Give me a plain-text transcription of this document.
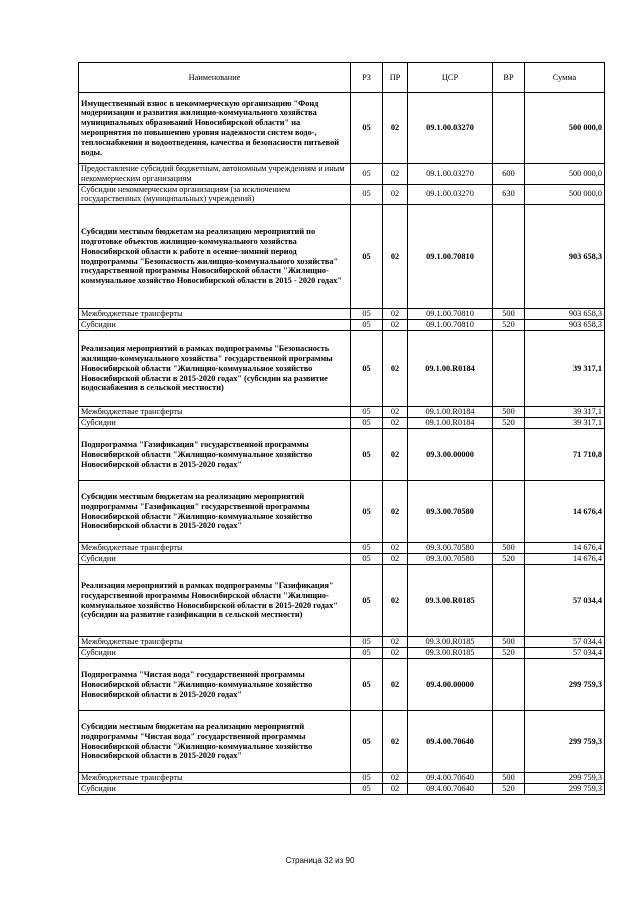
Наименование	РЗ	ПР	ЦСР	ВР	Сумма
Имущественный взнос в некоммерческую организацию "Фонд модернизации и развития жилищно-коммунального хозяйства муниципальных образований Новосибирской области" на мероприятия по повышению уровня надежности систем водо-, теплоснабжения и водоотведения, качества и безопасности питьевой воды.	05	02	09.1.00.03270		500 000,0
Предоставление субсидий бюджетным, автономным учреждениям и иным некоммерческим организациям	05	02	09.1.00.03270	600	500 000,0
Субсидии некоммерческим организациям (за исключением государственных (муниципальных) учреждений)	05	02	09.1.00.03270	630	500 000,0
Субсидии местным бюджетам на реализацию мероприятий по подготовке объектов жилищно-коммунального хозяйства Новосибирской области к работе в осенне-зимний период подпрограммы "Безопасность жилищно-коммунального хозяйства" государственной программы Новосибирской области "Жилищно-коммунальное хозяйство Новосибирской области в 2015 - 2020 годах"	05	02	09.1.00.70810		903 658,3
Межбюджетные трансферты	05	02	09.1.00.70810	500	903 658,3
Субсидии	05	02	09.1.00.70810	520	903 658,3
Реализация мероприятий в рамках подпрограммы "Безопасность жилищно-коммунального хозяйства" государственной программы Новосибирской области "Жилищно-коммунальное хозяйство Новосибирской области в 2015-2020 годах" (субсидии на развитие водоснабжения в сельской местности)	05	02	09.1.00.R0184		39 317,1
Межбюджетные трансферты	05	02	09.1.00.R0184	500	39 317,1
Субсидии	05	02	09.1.00.R0184	520	39 317,1
Подпрограмма "Газификация" государственной программы Новосибирской области "Жилищно-коммунальное хозяйство Новосибирской области в 2015-2020 годах"	05	02	09.3.00.00000		71 710,8
Субсидии местным бюджетам на реализацию мероприятий подпрограммы "Газификация" государственной программы Новосибирской области "Жилищно-коммунальное хозяйство Новосибирской области в 2015-2020 годах"	05	02	09.3.00.70580		14 676,4
Межбюджетные трансферты	05	02	09.3.00.70580	500	14 676,4
Субсидии	05	02	09.3.00.70580	520	14 676,4
Реализация мероприятий в рамках подпрограммы "Газификация" государственной программы Новосибирской области "Жилищно-коммунальное хозяйство Новосибирской области в 2015-2020 годах" (субсидии на развитие газификации в сельской местности)	05	02	09.3.00.R0185		57 034,4
Межбюджетные трансферты	05	02	09.3.00.R0185	500	57 034,4
Субсидии	05	02	09.3.00.R0185	520	57 034,4
Подпрограмма "Чистая вода" государственной программы Новосибирской области "Жилищно-коммунальное хозяйство Новосибирской области в 2015-2020 годах"	05	02	09.4.00.00000		299 759,3
Субсидии местным бюджетам на реализацию мероприятий подпрограммы "Чистая вода" государственной программы Новосибирской области "Жилищно-коммунальное хозяйство Новосибирской области в 2015-2020 годах"	05	02	09.4.00.70640		299 759,3
Межбюджетные трансферты	05	02	09.4.00.70640	500	299 759,3
Субсидии	05	02	09.4.00.70640	520	299 759,3
Страница 32 из 90
